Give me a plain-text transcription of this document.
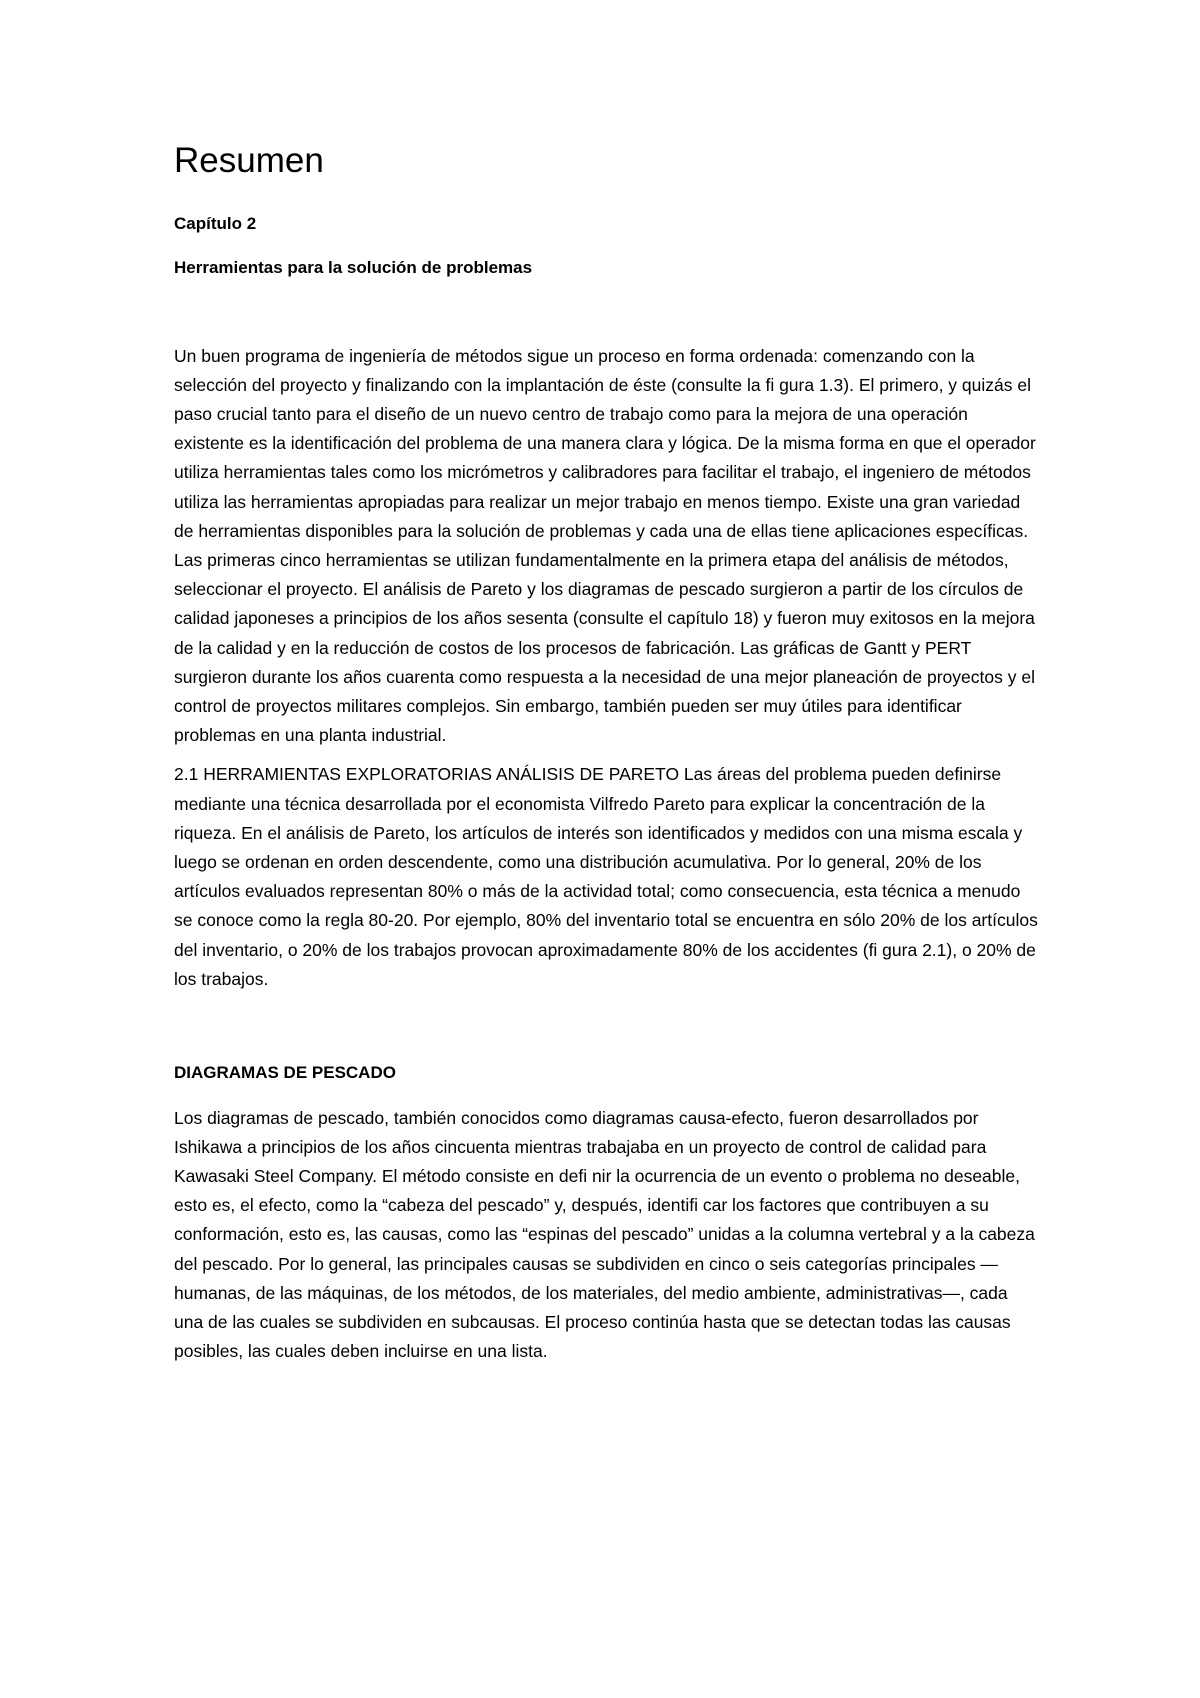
Resumen
Capítulo 2
Herramientas para la solución de problemas

Un buen programa de ingeniería de métodos sigue un proceso en forma ordenada: comenzando con la selección del proyecto y finalizando con la implantación de éste (consulte la fi gura 1.3). El primero, y quizás el paso crucial tanto para el diseño de un nuevo centro de trabajo como para la mejora de una operación existente es la identificación del problema de una manera clara y lógica. De la misma forma en que el operador utiliza herramientas tales como los micrómetros y calibradores para facilitar el trabajo, el ingeniero de métodos utiliza las herramientas apropiadas para realizar un mejor trabajo en menos tiempo. Existe una gran variedad de herramientas disponibles para la solución de problemas y cada una de ellas tiene aplicaciones específicas. Las primeras cinco herramientas se utilizan fundamentalmente en la primera etapa del análisis de métodos, seleccionar el proyecto. El análisis de Pareto y los diagramas de pescado surgieron a partir de los círculos de calidad japoneses a principios de los años sesenta (consulte el capítulo 18) y fueron muy exitosos en la mejora de la calidad y en la reducción de costos de los procesos de fabricación. Las gráficas de Gantt y PERT surgieron durante los años cuarenta como respuesta a la necesidad de una mejor planeación de proyectos y el control de proyectos militares complejos. Sin embargo, también pueden ser muy útiles para identificar problemas en una planta industrial.

2.1 HERRAMIENTAS EXPLORATORIAS ANÁLISIS DE PARETO Las áreas del problema pueden definirse mediante una técnica desarrollada por el economista Vilfredo Pareto para explicar la concentración de la riqueza. En el análisis de Pareto, los artículos de interés son identificados y medidos con una misma escala y luego se ordenan en orden descendente, como una distribución acumulativa. Por lo general, 20% de los artículos evaluados representan 80% o más de la actividad total; como consecuencia, esta técnica a menudo se conoce como la regla 80-20. Por ejemplo, 80% del inventario total se encuentra en sólo 20% de los artículos del inventario, o 20% de los trabajos provocan aproximadamente 80% de los accidentes (fi gura 2.1), o 20% de los trabajos.

DIAGRAMAS DE PESCADO

Los diagramas de pescado, también conocidos como diagramas causa-efecto, fueron desarrollados por Ishikawa a principios de los años cincuenta mientras trabajaba en un proyecto de control de calidad para Kawasaki Steel Company. El método consiste en defi nir la ocurrencia de un evento o problema no deseable, esto es, el efecto, como la “cabeza del pescado” y, después, identifi car los factores que contribuyen a su conformación, esto es, las causas, como las “espinas del pescado” unidas a la columna vertebral y a la cabeza del pescado. Por lo general, las principales causas se subdividen en cinco o seis categorías principales —humanas, de las máquinas, de los métodos, de los materiales, del medio ambiente, administrativas—, cada una de las cuales se subdividen en subcausas. El proceso continúa hasta que se detectan todas las causas posibles, las cuales deben incluirse en una lista.
